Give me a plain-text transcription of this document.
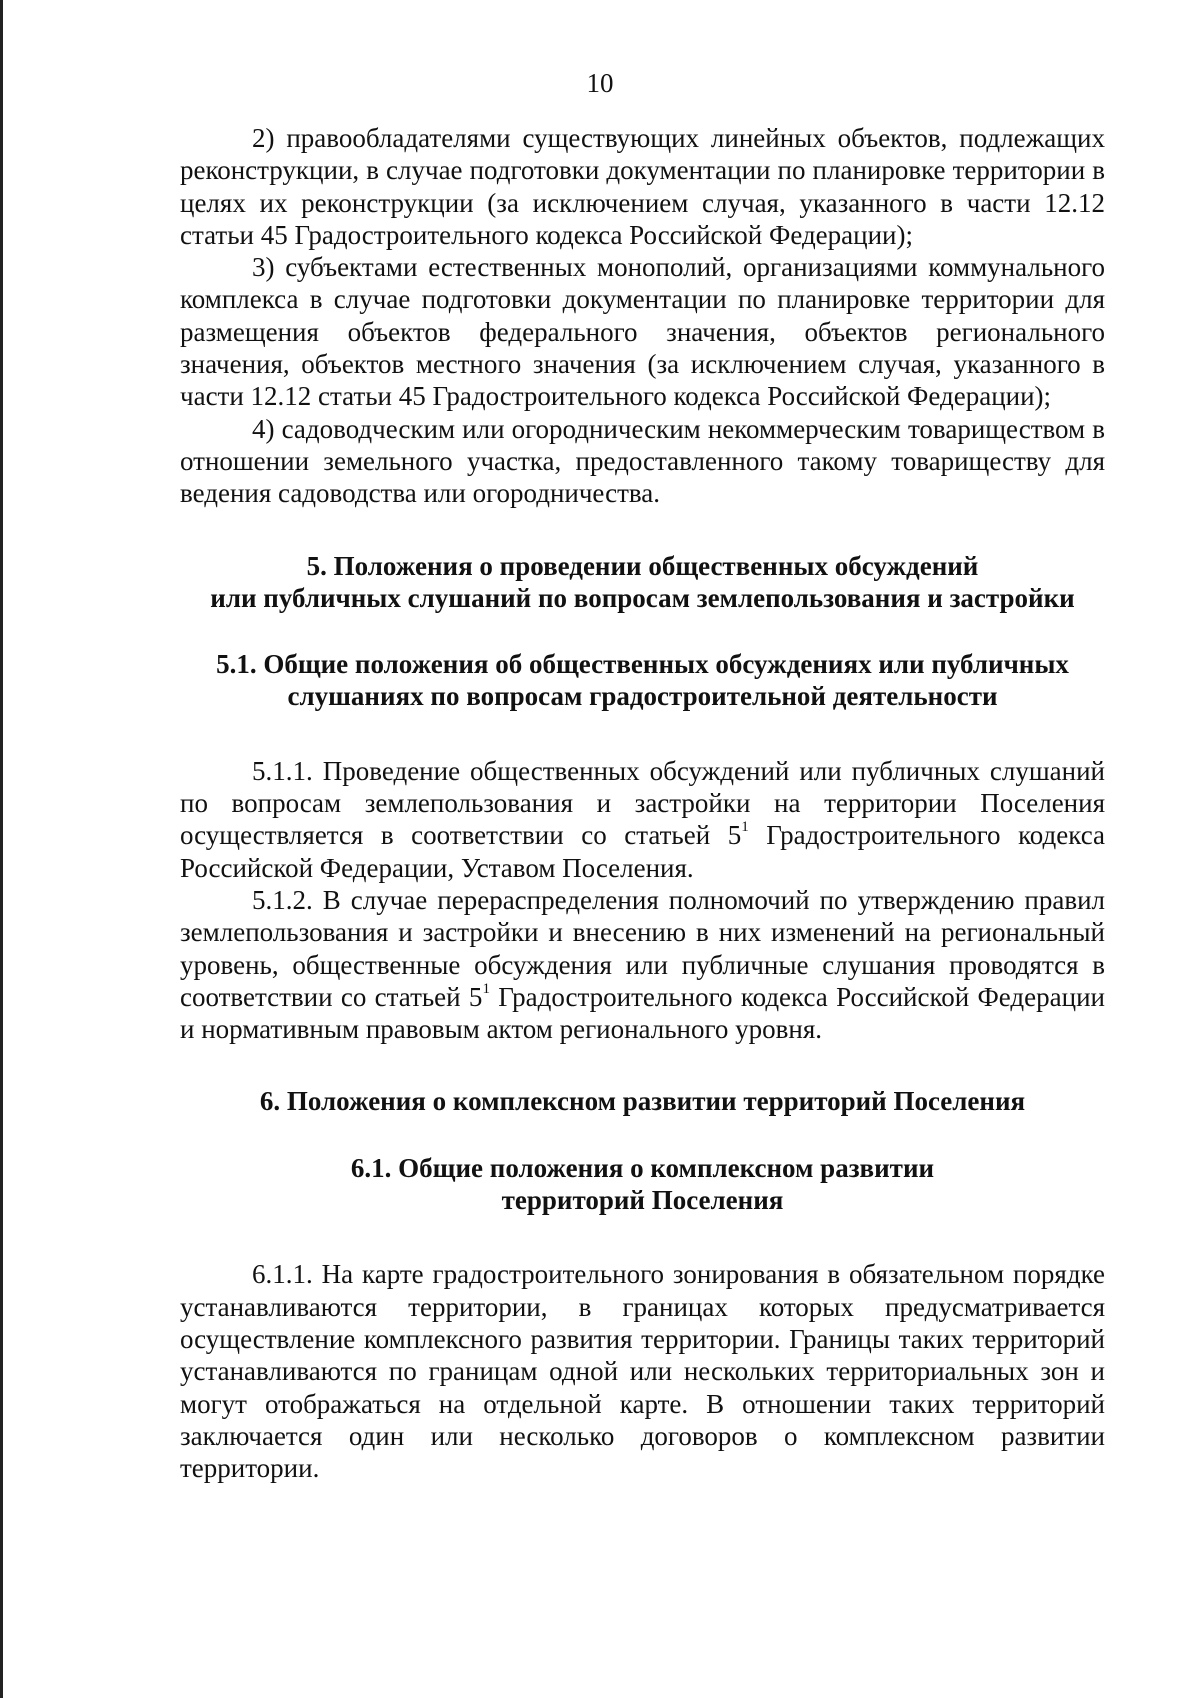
10

2) правообладателями существующих линейных объектов, подлежащих реконструкции, в случае подготовки документации по планировке территории в целях их реконструкции (за исключением случая, указанного в части 12.12 статьи 45 Градостроительного кодекса Российской Федерации);

3) субъектами естественных монополий, организациями коммунального комплекса в случае подготовки документации по планировке территории для размещения объектов федерального значения, объектов регионального значения, объектов местного значения (за исключением случая, указанного в части 12.12 статьи 45 Градостроительного кодекса Российской Федерации);

4) садоводческим или огородническим некоммерческим товариществом в отношении земельного участка, предоставленного такому товариществу для ведения садоводства или огородничества.

5. Положения о проведении общественных обсуждений
или публичных слушаний по вопросам землепользования и застройки
5.1. Общие положения об общественных обсуждениях или публичных
слушаниях по вопросам градостроительной деятельности

5.1.1. Проведение общественных обсуждений или публичных слушаний по вопросам землепользования и застройки на территории Поселения осуществляется в соответствии со статьей $5^1$ Градостроительного кодекса Российской Федерации, Уставом Поселения.

5.1.2. В случае перераспределения полномочий по утверждению правил землепользования и застройки и внесению в них изменений на региональный уровень, общественные обсуждения или публичные слушания проводятся в соответствии со статьей $5^1$ Градостроительного кодекса Российской Федерации и нормативным правовым актом регионального уровня.

6. Положения о комплексном развитии территорий Поселения
6.1. Общие положения о комплексном развитии
территорий Поселения

6.1.1. На карте градостроительного зонирования в обязательном порядке устанавливаются территории, в границах которых предусматривается осуществление комплексного развития территории. Границы таких территорий устанавливаются по границам одной или нескольких территориальных зон и могут отображаться на отдельной карте. В отношении таких территорий заключается один или несколько договоров о комплексном развитии территории.
